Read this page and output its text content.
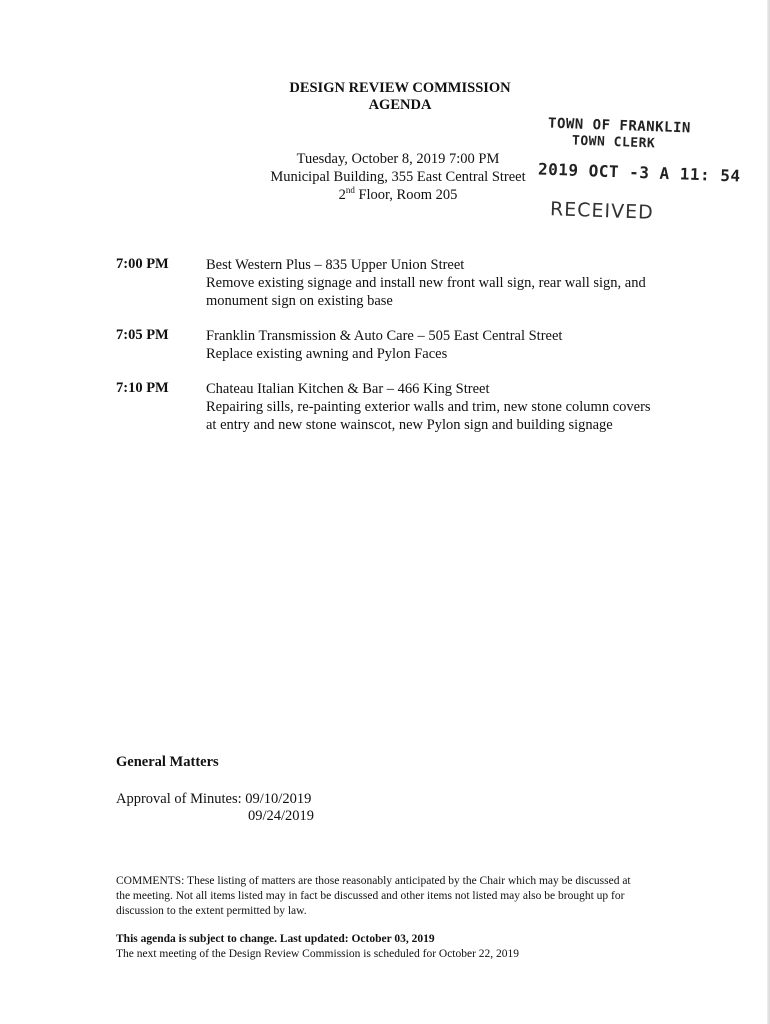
DESIGN REVIEW COMMISSION
AGENDA
Tuesday, October 8, 2019 7:00 PM
Municipal Building, 355 East Central Street
2nd Floor, Room 205
TOWN OF FRANKLIN
TOWN CLERK
2019 OCT -3 A 11: 54
RECEIVED
7:00 PM	Best Western Plus – 835 Upper Union Street
Remove existing signage and install new front wall sign, rear wall sign, and
monument sign on existing base
7:05 PM	Franklin Transmission & Auto Care – 505 East Central Street
Replace existing awning and Pylon Faces
7:10 PM	Chateau Italian Kitchen & Bar – 466 King Street
Repairing sills, re-painting exterior walls and trim, new stone column covers
at entry and new stone wainscot, new Pylon sign and building signage
General Matters
Approval of Minutes: 09/10/2019
09/24/2019
COMMENTS: These listing of matters are those reasonably anticipated by the Chair which may be discussed at
the meeting. Not all items listed may in fact be discussed and other items not listed may also be brought up for
discussion to the extent permitted by law.
This agenda is subject to change. Last updated: October 03, 2019
The next meeting of the Design Review Commission is scheduled for October 22, 2019
